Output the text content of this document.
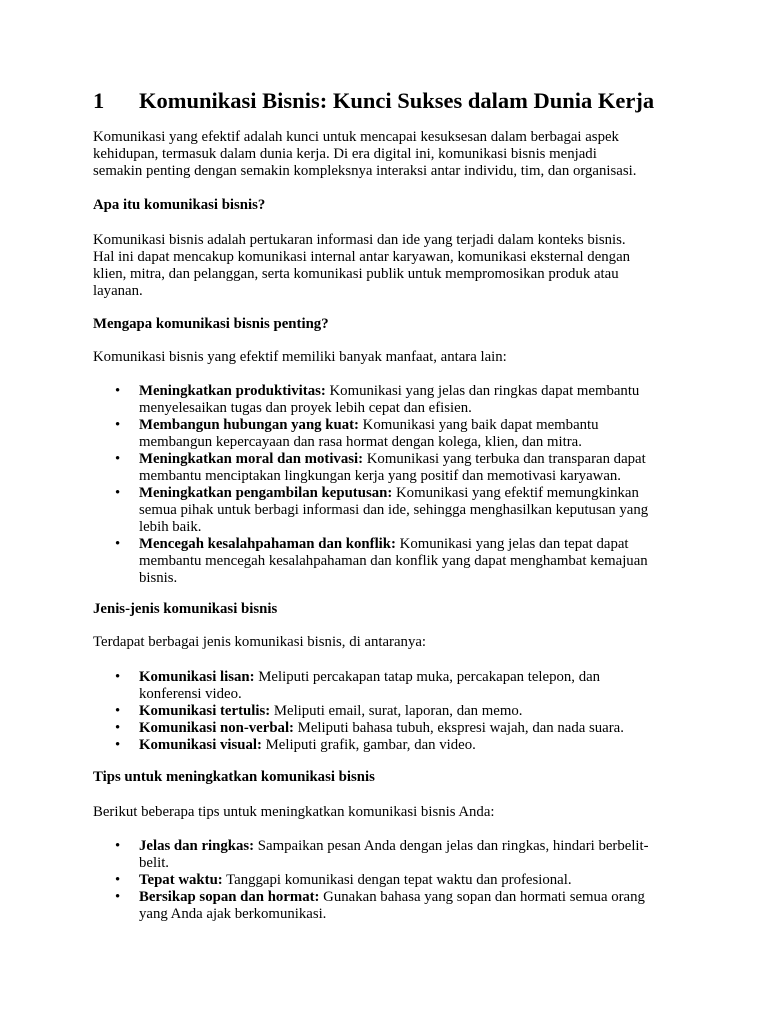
1 Komunikasi Bisnis: Kunci Sukses dalam Dunia Kerja

Komunikasi yang efektif adalah kunci untuk mencapai kesuksesan dalam berbagai aspek
kehidupan, termasuk dalam dunia kerja. Di era digital ini, komunikasi bisnis menjadi
semakin penting dengan semakin kompleksnya interaksi antar individu, tim, dan organisasi.

Apa itu komunikasi bisnis?

Komunikasi bisnis adalah pertukaran informasi dan ide yang terjadi dalam konteks bisnis.
Hal ini dapat mencakup komunikasi internal antar karyawan, komunikasi eksternal dengan
klien, mitra, dan pelanggan, serta komunikasi publik untuk mempromosikan produk atau
layanan.

Mengapa komunikasi bisnis penting?

Komunikasi bisnis yang efektif memiliki banyak manfaat, antara lain:

• Meningkatkan produktivitas: Komunikasi yang jelas dan ringkas dapat membantu
menyelesaikan tugas dan proyek lebih cepat dan efisien.
• Membangun hubungan yang kuat: Komunikasi yang baik dapat membantu
membangun kepercayaan dan rasa hormat dengan kolega, klien, dan mitra.
• Meningkatkan moral dan motivasi: Komunikasi yang terbuka dan transparan dapat
membantu menciptakan lingkungan kerja yang positif dan memotivasi karyawan.
• Meningkatkan pengambilan keputusan: Komunikasi yang efektif memungkinkan
semua pihak untuk berbagi informasi dan ide, sehingga menghasilkan keputusan yang
lebih baik.
• Mencegah kesalahpahaman dan konflik: Komunikasi yang jelas dan tepat dapat
membantu mencegah kesalahpahaman dan konflik yang dapat menghambat kemajuan
bisnis.
Jenis-jenis komunikasi bisnis

Terdapat berbagai jenis komunikasi bisnis, di antaranya:

• Komunikasi lisan: Meliputi percakapan tatap muka, percakapan telepon, dan
konferensi video.
• Komunikasi tertulis: Meliputi email, surat, laporan, dan memo.
• Komunikasi non-verbal: Meliputi bahasa tubuh, ekspresi wajah, dan nada suara.
• Komunikasi visual: Meliputi grafik, gambar, dan video.
Tips untuk meningkatkan komunikasi bisnis

Berikut beberapa tips untuk meningkatkan komunikasi bisnis Anda:

• Jelas dan ringkas: Sampaikan pesan Anda dengan jelas dan ringkas, hindari berbelit-
belit.
• Tepat waktu: Tanggapi komunikasi dengan tepat waktu dan profesional.
• Bersikap sopan dan hormat: Gunakan bahasa yang sopan dan hormati semua orang
yang Anda ajak berkomunikasi.
